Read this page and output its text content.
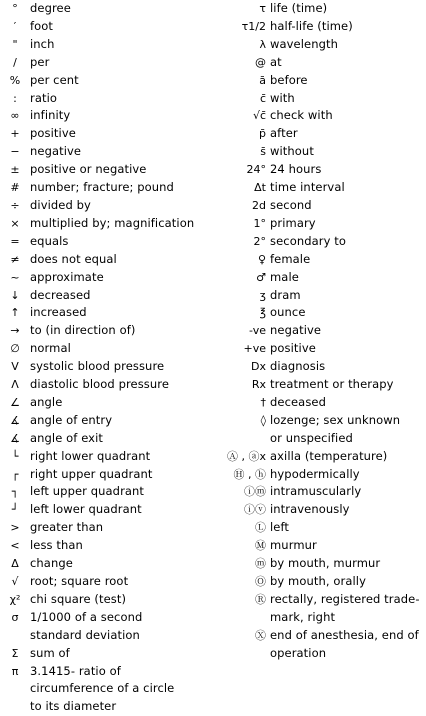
°	degree
′	foot
"	inch
/	per
% per cent
:	ratio
∞ infinity
+ positive
− negative
± positive or negative
# number; fracture; pound
÷ divided by
× multiplied by; magnification
= equals
≠ does not equal
~ approximate
↓ decreased
↑ increased
→ to (in direction of)
∅ normal
V systolic blood pressure
Λ diastolic blood pressure
∠ angle
∡ angle of entry
∡ angle of exit
└	right lower quadrant
┌	right upper quadrant
┐	left upper quadrant
┘	left lower quadrant
> greater than
< less than
Δ change
√	root; square root
χ² chi square (test)
σ	1/1000 of a second
standard deviation
Σ	sum of
π	3.1415- ratio of
circumference of a circle
to its diameter
τ life (time)
τ1/2 half-life (time)
λ wavelength
@ at
ā before
c̄ with
√c̄ check with
p̄ after
s̄ without
24° 24 hours
Δt time interval
2d second
1° primary
2° secondary to
♀ female
♂ male
ʒ dram
℥ ounce
-ve negative
+ve positive
Dx diagnosis
Rx treatment or therapy
† deceased
◊ lozenge; sex unknown
or unspecified
Ⓐ , ⓐx axilla (temperature)
Ⓗ , ⓗ hypodermically
ⓘⓜ intramuscularly
ⓘⓥ intravenously
Ⓛ left
Ⓜ murmur
ⓜ by mouth, murmur
Ⓞ by mouth, orally
Ⓡ rectally, registered trade-
mark, right
Ⓧ end of anesthesia, end of
operation
